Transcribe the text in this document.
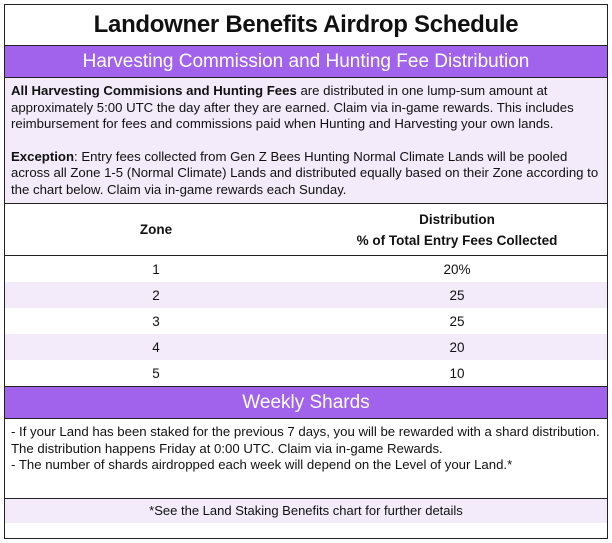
Landowner Benefits Airdrop Schedule
Harvesting Commission and Hunting Fee Distribution

All Harvesting Commisions and Hunting Fees are distributed in one lump-sum amount at approximately 5:00 UTC the day after they are earned. Claim via in-game rewards. This includes reimbursement for fees and commissions paid when Hunting and Harvesting your own lands.

Exception: Entry fees collected from Gen Z Bees Hunting Normal Climate Lands will be pooled across all Zone 1-5 (Normal Climate) Lands and distributed equally based on their Zone according to the chart below. Claim via in-game rewards each Sunday.

Zone	Distribution
% of Total Entry Fees Collected

1	20%
2	25
3	25
4	20
5	10
Weekly Shards

- If your Land has been staked for the previous 7 days, you will be rewarded with a shard distribution. The distribution happens Friday at 0:00 UTC. Claim via in-game Rewards.

- The number of shards airdropped each week will depend on the Level of your Land.*

*See the Land Staking Benefits chart for further details
